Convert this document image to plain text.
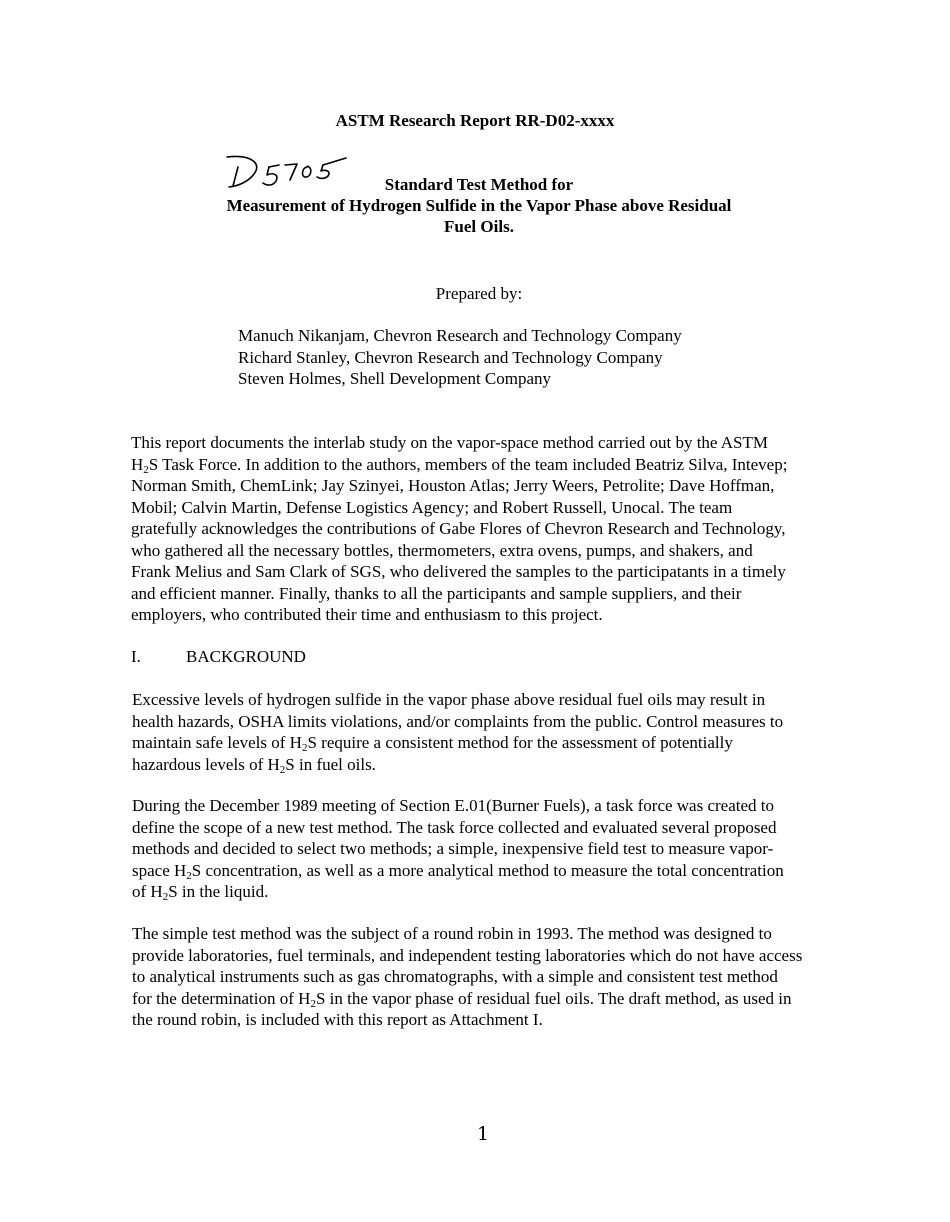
ASTM Research Report RR-D02-xxxx
Standard Test Method for
Measurement of Hydrogen Sulfide in the Vapor Phase above Residual
Fuel Oils.
Prepared by:
Manuch Nikanjam, Chevron Research and Technology Company
Richard Stanley, Chevron Research and Technology Company
Steven Holmes, Shell Development Company
This report documents the interlab study on the vapor-space method carried out by the ASTM
$H_2S$ Task Force. In addition to the authors, members of the team included Beatriz Silva, Intevep;
Norman Smith, ChemLink; Jay Szinyei, Houston Atlas; Jerry Weers, Petrolite; Dave Hoffman,
Mobil; Calvin Martin, Defense Logistics Agency; and Robert Russell, Unocal. The team
gratefully acknowledges the contributions of Gabe Flores of Chevron Research and Technology,
who gathered all the necessary bottles, thermometers, extra ovens, pumps, and shakers, and
Frank Melius and Sam Clark of SGS, who delivered the samples to the participatants in a timely
and efficient manner. Finally, thanks to all the participants and sample suppliers, and their
employers, who contributed their time and enthusiasm to this project.
I.	BACKGROUND
Excessive levels of hydrogen sulfide in the vapor phase above residual fuel oils may result in
health hazards, OSHA limits violations, and/or complaints from the public. Control measures to
maintain safe levels of $H_2S$ require a consistent method for the assessment of potentially
hazardous levels of $H_2S$ in fuel oils.
During the December 1989 meeting of Section E.01(Burner Fuels), a task force was created to
define the scope of a new test method. The task force collected and evaluated several proposed
methods and decided to select two methods; a simple, inexpensive field test to measure vapor-
space $H_2S$ concentration, as well as a more analytical method to measure the total concentration
of $H_2S$ in the liquid.
The simple test method was the subject of a round robin in 1993. The method was designed to
provide laboratories, fuel terminals, and independent testing laboratories which do not have access
to analytical instruments such as gas chromatographs, with a simple and consistent test method
for the determination of $H_2S$ in the vapor phase of residual fuel oils. The draft method, as used in
the round robin, is included with this report as Attachment I.
1
